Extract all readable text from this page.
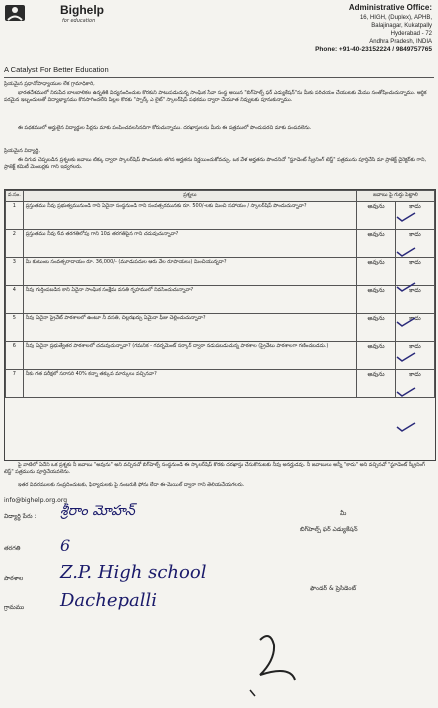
Bighelp
for education
Administrative Office:
16, HIGH, (Duplex), APHB,
Balajinagar, Kukatpally
Hyderabad - 72
Andhra Pradesh, INDIA
Phone: +91-40-23152224 / 9849757765
A Catalyst For Better Education
ప్రియమైన ప్రధానోపాధ్యాయుల లేక గ్రామాధికారి,
భారతదేశములో నిరుపేద బాలబాలికల ఉన్నతికి విద్యనందించుట కొరకుని పాటుపడుచున్న సాంఘిక సేవా సంస్థ అయిన "బిగ్‌హెల్ప్ ఫర్ ఎడ్యుకేషన్"ను మీకు పరిచయం చేయుటకు మేము సంతోషించుచున్నాము. ఆర్థిక పరమైన ఇబ్బందులతో విద్యాభ్యాసము కొనసాగించలేని పిల్లల కొరకు "స్పార్క్ ఎ లైట్" స్కాలర్‌షిప్ పథకము ద్వారా చేయూత నివ్వుటకు పూనుకున్నాము.
ఈ పథకములో అర్హులైన విద్యార్థుల పేర్లను మాకు పంపించవలసినదిగా కోరుచున్నాము. దరఖాస్తులను మీరు ఈ పత్రములో పొందుపరచి మాకు పంపవలెను.
ప్రియమైన విద్యార్థి,
ఈ దిగువ చెప్పబడిన ప్రశ్నలకు జవాబు టిక్కు ద్వారా స్కాలర్‌షిప్ పొందుటకు తగిన అర్హతను నిర్ణయించుకోవచ్చు. ఒక వేళ అర్హతను పొందనిచో "స్టూడెంట్ స్క్రీనింగ్ టెస్ట్" పత్రమును పూర్తిచేసి మా ప్రాజెక్ట్ డైరెక్టర్‌కు గాని, ప్రాజెక్ట్ కమిటీ మెంబర్లకు గాని ఇవ్వగలరు.
వ.సం.	ప్రశ్నలు	జవాబు పై గుర్తు పెట్టాలి	
1	ప్రస్తుతము నీవు ప్రభుత్వమునుండి గాని ఏదైనా సంస్థనుండి గాని సంవత్సరమునకు రూ. 500/-లకు మించి సహాయం / స్కాలర్‌షిప్ పొందుచున్నావా?	అవును	కాదు
2	ప్రస్తుతము నీవు 6వ తరగతిలోపు గాని 10వ తరగతిపైన గాని చదువుచున్నావా?	అవును	కాదు
3	మీ కుటుంబ సంవత్సరాదాయం రూ. 36,000/- (మూడుపదుల ఆరు వేల రూపాయలు) మించియున్నదా?	అవును	కాదు
4	నీవు గుర్తింపబడిన కాని ఏదైనా సాంఘిక సంక్షేమ వసతి గృహములో నివసించుచున్నావా?	అవును	కాదు
5	నీవు ఏదైనా ప్రైవేట్ పాఠశాలలో ఉంటూ నీ వసతి, చిల్లరఖర్చు ఏమైనా ఫీజు చెల్లించుచున్నావా?	అవును	కాదు
6	నీవు ఏదైనా ప్రభుత్వేతర పాఠశాలలో చదువుచున్నావా? (గమనిక - గవర్నమెంట్ సర్కార్ ద్వారా నడుపబడుచున్న పాఠశాల (ప్రైవేటు పాఠశాలగా గణించబడదు.)	అవును	కాదు
7	నీకు గత పరీక్షలో సరాసరి 40% కన్నా తక్కువ మార్కులు వచ్చినవా?	అవును	కాదు
పై వాటిలో ఏదేని ఒక ప్రశ్నకు నీ జవాబు "అవును" అని వచ్చినచో బిగ్‌హెల్ప్ సంస్థనుండి ఈ స్కాలర్‌షిప్ కొరకు దరఖాస్తు చేసుకొనుటకు నీవు అనర్హుడవు. నీ జవాబులు అన్నీ "కాదు" అని వచ్చినచో "స్టూడెంట్ స్క్రీనింగ్ టెస్ట్" పత్రమును పూర్తిచేయవలెను.
ఇతర వివరములకు సంప్రదించుటకు, ఫిర్యాదులకు పై నంబరుకి ఫోను లేదా ఈ-మెయిల్ ద్వారా గాని తెలియచేయగలరు.
info@bighelp.org.org
విద్యార్థి పేరు : శ్రీరాం మోహన్
తరగతి 6
పాఠశాల Z.P. High school
గ్రామము Dachepalli
మీ
బిగ్‌హెల్ప్ ఫర్ ఎడ్యుకేషన్
ఫౌండర్ & ప్రెసిడెంట్
